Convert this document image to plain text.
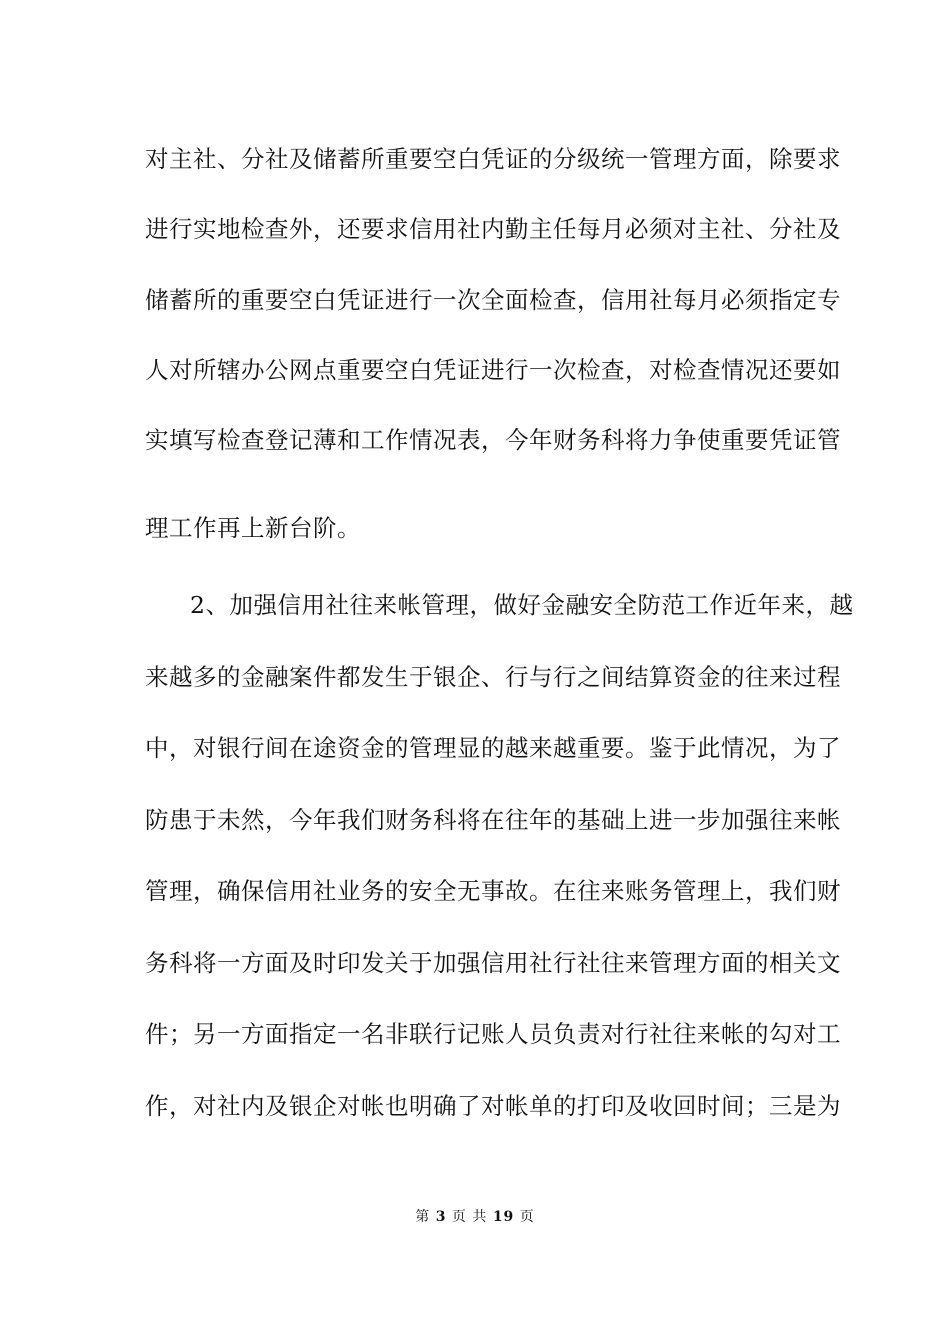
对主社、分社及储蓄所重要空白凭证的分级统一管理方面，除要求
进行实地检查外，还要求信用社内勤主任每月必须对主社、分社及
储蓄所的重要空白凭证进行一次全面检查，信用社每月必须指定专
人对所辖办公网点重要空白凭证进行一次检查，对检查情况还要如
实填写检查登记薄和工作情况表，今年财务科将力争使重要凭证管
理工作再上新台阶。
2、加强信用社往来帐管理，做好金融安全防范工作近年来，越
来越多的金融案件都发生于银企、行与行之间结算资金的往来过程
中，对银行间在途资金的管理显的越来越重要。鉴于此情况，为了
防患于未然，今年我们财务科将在往年的基础上进一步加强往来帐
管理，确保信用社业务的安全无事故。在往来账务管理上，我们财
务科将一方面及时印发关于加强信用社行社往来管理方面的相关文
件；另一方面指定一名非联行记账人员负责对行社往来帐的勾对工
作，对社内及银企对帐也明确了对帐单的打印及收回时间；三是为
第 3 页 共 19 页
